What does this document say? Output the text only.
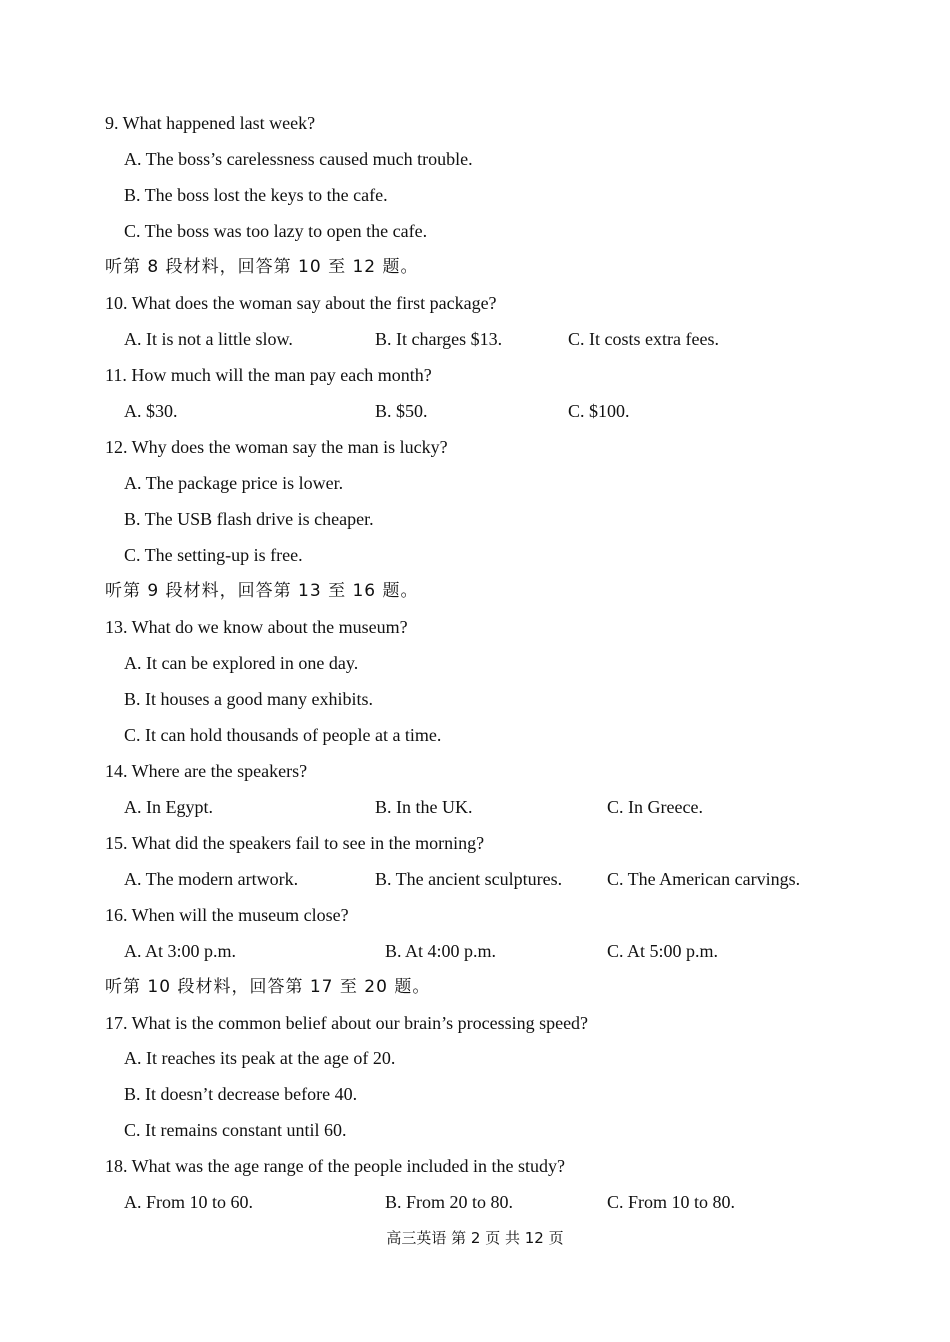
9. What happened last week?
A. The boss’s carelessness caused much trouble.
B. The boss lost the keys to the cafe.
C. The boss was too lazy to open the cafe.
听第 8 段材料，回答第 10 至 12 题。
10. What does the woman say about the first package?
A. It is not a little slow.	B. It charges $13.	C. It costs extra fees.
11. How much will the man pay each month?
A. $30.	B. $50.	C. $100.
12. Why does the woman say the man is lucky?
A. The package price is lower.
B. The USB flash drive is cheaper.
C. The setting-up is free.
听第 9 段材料，回答第 13 至 16 题。
13. What do we know about the museum?
A. It can be explored in one day.
B. It houses a good many exhibits.
C. It can hold thousands of people at a time.
14. Where are the speakers?
A. In Egypt.	B. In the UK.	C. In Greece.
15. What did the speakers fail to see in the morning?
A. The modern artwork.	B. The ancient sculptures. C. The American carvings.
16. When will the museum close?
A. At 3:00 p.m.	B. At 4:00 p.m.	C. At 5:00 p.m.
听第 10 段材料，回答第 17 至 20 题。
17. What is the common belief about our brain’s processing speed?
A. It reaches its peak at the age of 20.
B. It doesn’t decrease before 40.
C. It remains constant until 60.
18. What was the age range of the people included in the study?
A. From 10 to 60.	B. From 20 to 80.	C. From 10 to 80.
高三英语 第 2 页 共 12 页
